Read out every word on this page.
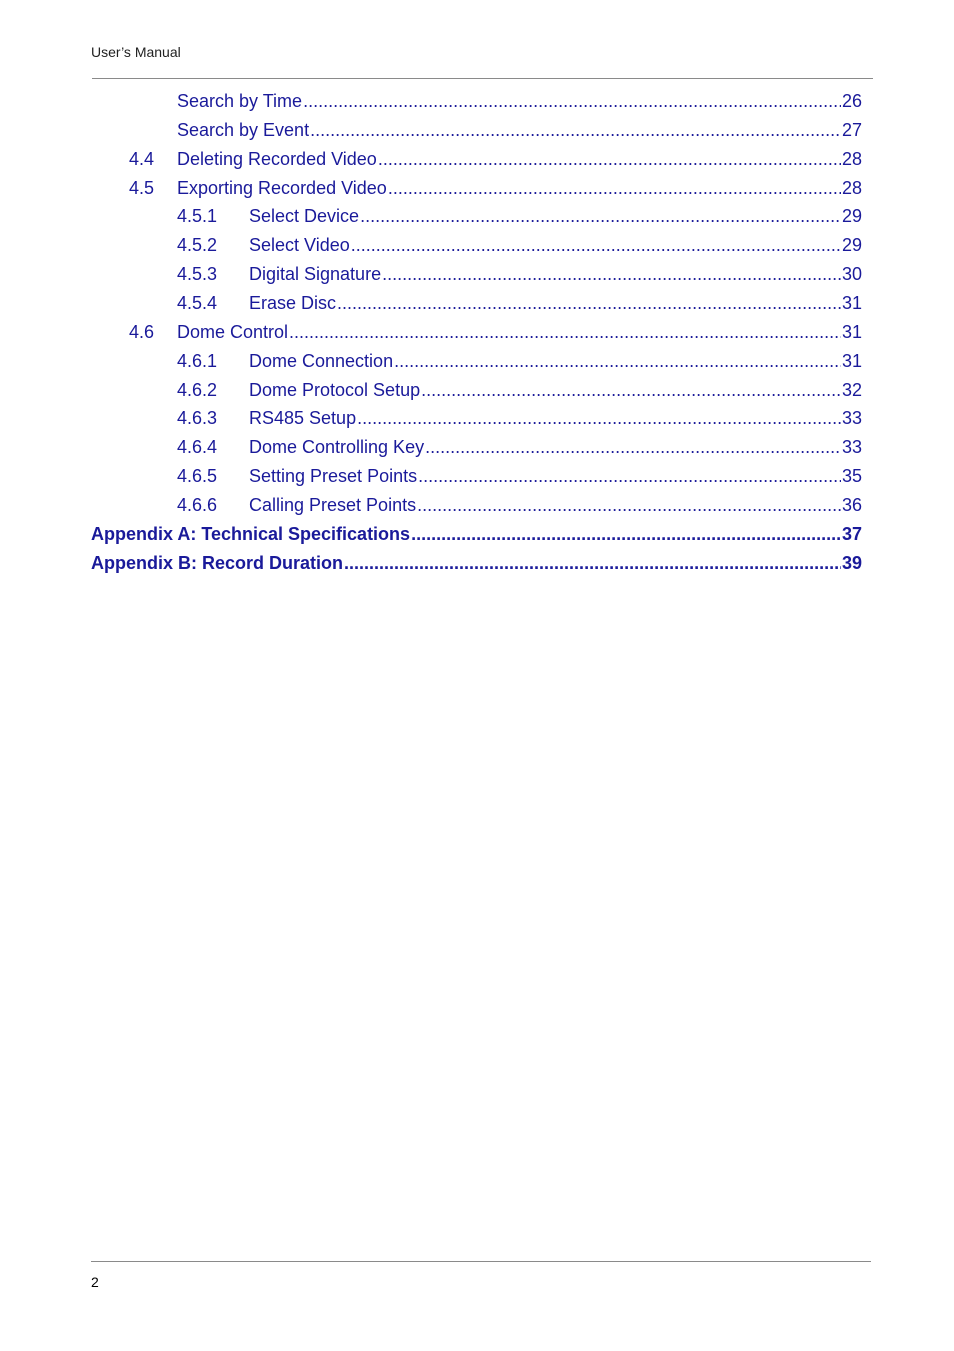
User’s Manual
Search by Time .....	26
Search by Event .....	27
4.4 Deleting Recorded Video .....	28
4.5 Exporting Recorded Video .....	28
4.5.1 Select Device .....	29
4.5.2 Select Video .....	29
4.5.3 Digital Signature .....	30
4.5.4 Erase Disc .....	31
4.6 Dome Control .....	31
4.6.1 Dome Connection .....	31
4.6.2 Dome Protocol Setup .....	32
4.6.3 RS485 Setup .....	33
4.6.4 Dome Controlling Key .....	33
4.6.5 Setting Preset Points .....	35
4.6.6 Calling Preset Points .....	36
Appendix A: Technical Specifications .....	37
Appendix B: Record Duration .....	39
2
